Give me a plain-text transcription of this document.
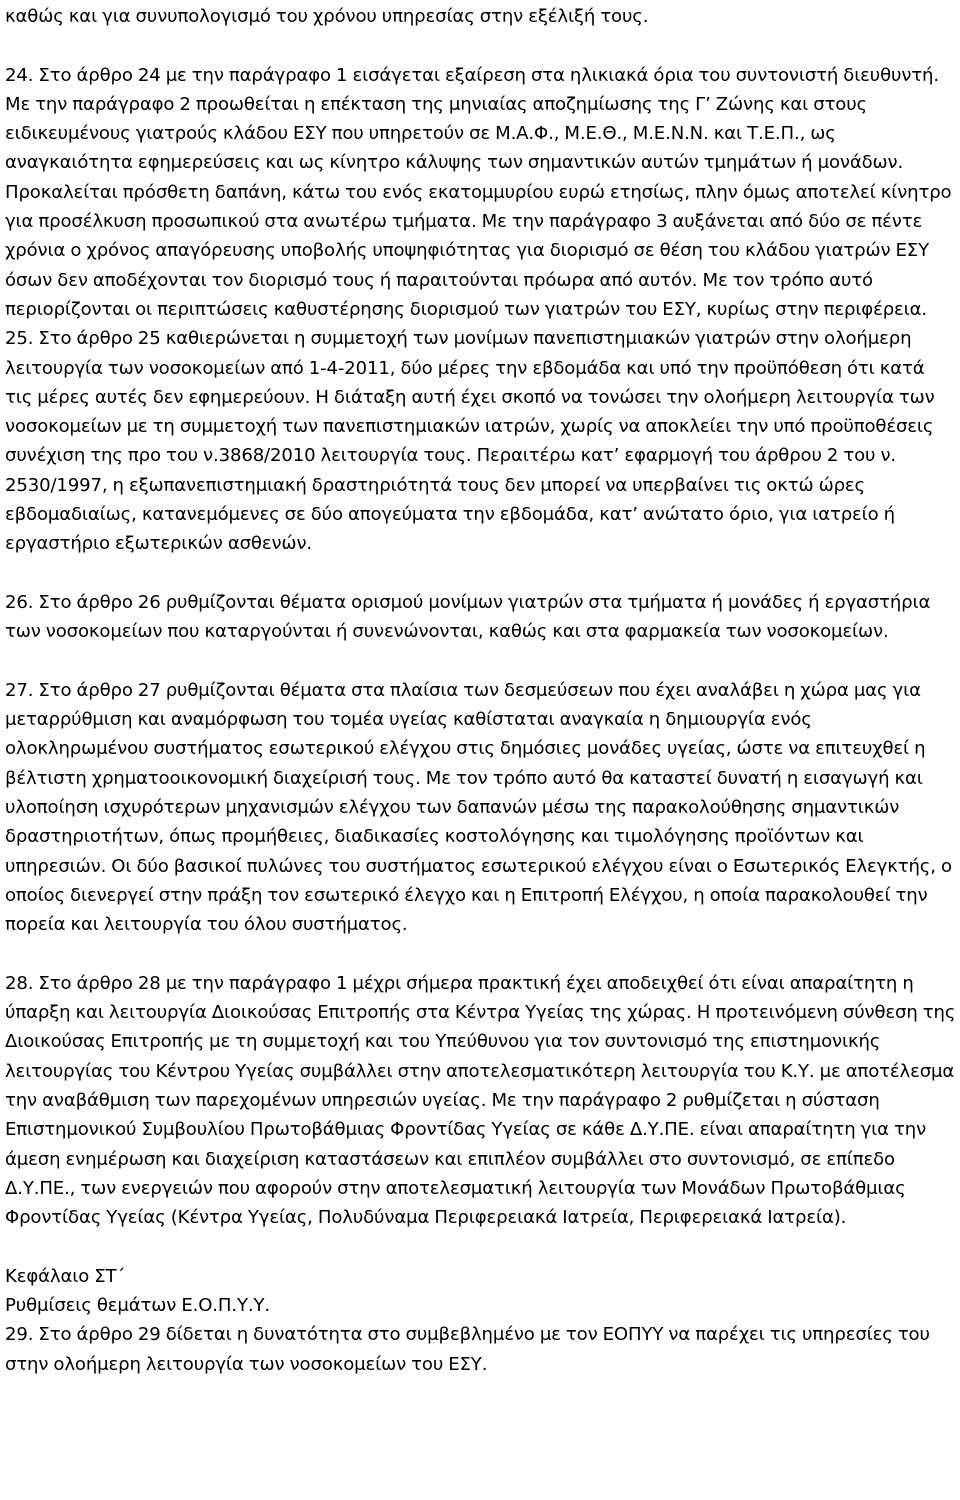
καθώς και για συνυπολογισμό του χρόνου υπηρεσίας στην εξέλιξή τους.

24. Στο άρθρο 24 με την παράγραφο 1 εισάγεται εξαίρεση στα ηλικιακά όρια του συντονιστή διευθυντή. Με την παράγραφο 2 προωθείται η επέκταση της μηνιαίας αποζημίωσης της Γ’ Ζώνης και στους ειδικευμένους γιατρούς κλάδου ΕΣΥ που υπηρετούν σε Μ.Α.Φ., Μ.Ε.Θ., Μ.Ε.Ν.Ν. και Τ.Ε.Π., ως αναγκαιότητα εφημερεύσεις και ως κίνητρο κάλυψης των σημαντικών αυτών τμημάτων ή μονάδων. Προκαλείται πρόσθετη δαπάνη, κάτω του ενός εκατομμυρίου ευρώ ετησίως, πλην όμως αποτελεί κίνητρο για προσέλκυση προσωπικού στα ανωτέρω τμήματα. Με την παράγραφο 3 αυξάνεται από δύο σε πέντε χρόνια ο χρόνος απαγόρευσης υποβολής υποψηφιότητας για διορισμό σε θέση του κλάδου γιατρών ΕΣΥ όσων δεν αποδέχονται τον διορισμό τους ή παραιτούνται πρόωρα από αυτόν. Με τον τρόπο αυτό περιορίζονται οι περιπτώσεις καθυστέρησης διορισμού των γιατρών του ΕΣΥ, κυρίως στην περιφέρεια.

25. Στο άρθρο 25 καθιερώνεται η συμμετοχή των μονίμων πανεπιστημιακών γιατρών στην ολοήμερη λειτουργία των νοσοκομείων από 1-4-2011, δύο μέρες την εβδομάδα και υπό την προϋπόθεση ότι κατά τις μέρες αυτές δεν εφημερεύουν. Η διάταξη αυτή έχει σκοπό να τονώσει την ολοήμερη λειτουργία των νοσοκομείων με τη συμμετοχή των πανεπιστημιακών ιατρών, χωρίς να αποκλείει την υπό προϋποθέσεις συνέχιση της προ του ν.3868/2010 λειτουργία τους. Περαιτέρω κατ’ εφαρμογή του άρθρου 2 του ν. 2530/1997, η εξωπανεπιστημιακή δραστηριότητά τους δεν μπορεί να υπερβαίνει τις οκτώ ώρες εβδομαδιαίως, κατανεμόμενες σε δύο απογεύματα την εβδομάδα, κατ’ ανώτατο όριο, για ιατρείο ή εργαστήριο εξωτερικών ασθενών.

26. Στο άρθρο 26 ρυθμίζονται θέματα ορισμού μονίμων γιατρών στα τμήματα ή μονάδες ή εργαστήρια των νοσοκομείων που καταργούνται ή συνενώνονται, καθώς και στα φαρμακεία των νοσοκομείων.

27. Στο άρθρο 27 ρυθμίζονται θέματα στα πλαίσια των δεσμεύσεων που έχει αναλάβει η χώρα μας για μεταρρύθμιση και αναμόρφωση του τομέα υγείας καθίσταται αναγκαία η δημιουργία ενός ολοκληρωμένου συστήματος εσωτερικού ελέγχου στις δημόσιες μονάδες υγείας, ώστε να επιτευχθεί η βέλτιστη χρηματοοικονομική διαχείρισή τους. Με τον τρόπο αυτό θα καταστεί δυνατή η εισαγωγή και υλοποίηση ισχυρότερων μηχανισμών ελέγχου των δαπανών μέσω της παρακολούθησης σημαντικών δραστηριοτήτων, όπως προμήθειες, διαδικασίες κοστολόγησης και τιμολόγησης προϊόντων και υπηρεσιών. Οι δύο βασικοί πυλώνες του συστήματος εσωτερικού ελέγχου είναι ο Εσωτερικός Ελεγκτής, ο οποίος διενεργεί στην πράξη τον εσωτερικό έλεγχο και η Επιτροπή Ελέγχου, η οποία παρακολουθεί την πορεία και λειτουργία του όλου συστήματος.

28. Στο άρθρο 28 με την παράγραφο 1 μέχρι σήμερα πρακτική έχει αποδειχθεί ότι είναι απαραίτητη η ύπαρξη και λειτουργία Διοικούσας Επιτροπής στα Κέντρα Υγείας της χώρας. Η προτεινόμενη σύνθεση της Διοικούσας Επιτροπής με τη συμμετοχή και του Υπεύθυνου για τον συντονισμό της επιστημονικής λειτουργίας του Κέντρου Υγείας συμβάλλει στην αποτελεσματικότερη λειτουργία του Κ.Υ. με αποτέλεσμα την αναβάθμιση των παρεχομένων υπηρεσιών υγείας. Με την παράγραφο 2 ρυθμίζεται η σύσταση Επιστημονικού Συμβουλίου Πρωτοβάθμιας Φροντίδας Υγείας σε κάθε Δ.Υ.ΠΕ. είναι απαραίτητη για την άμεση ενημέρωση και διαχείριση καταστάσεων και επιπλέον συμβάλλει στο συντονισμό, σε επίπεδο Δ.Υ.ΠΕ., των ενεργειών που αφορούν στην αποτελεσματική λειτουργία των Μονάδων Πρωτοβάθμιας Φροντίδας Υγείας (Κέντρα Υγείας, Πολυδύναμα Περιφερειακά Ιατρεία, Περιφερειακά Ιατρεία).

Κεφάλαιο ΣΤ΄

Ρυθμίσεις θεμάτων Ε.Ο.Π.Υ.Υ.

29. Στο άρθρο 29 δίδεται η δυνατότητα στο συμβεβλημένο με τον ΕΟΠΥΥ να παρέχει τις υπηρεσίες του στην ολοήμερη λειτουργία των νοσοκομείων του ΕΣΥ.
